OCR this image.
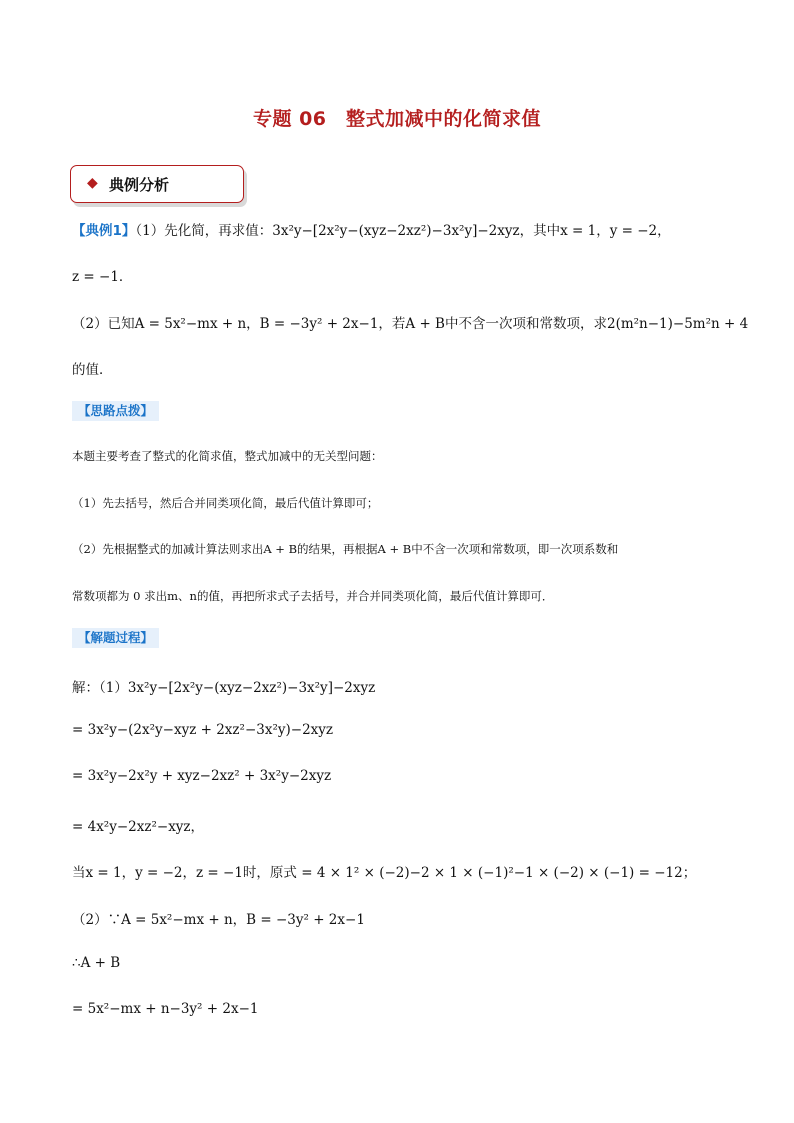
专题 06　整式加减中的化简求值
◆ 典例分析
【典例1】（1）先化简，再求值：3x²y−[2x²y−(xyz−2xz²)−3x²y]−2xyz，其中x = 1，y = −2，
z = −1．
（2）已知A = 5x²−mx + n，B = −3y² + 2x−1，若A + B中不含一次项和常数项，求2(m²n−1)−5m²n + 4
的值．
【思路点拨】
本题主要考查了整式的化简求值，整式加减中的无关型问题：
（1）先去括号，然后合并同类项化简，最后代值计算即可；
（2）先根据整式的加减计算法则求出A + B的结果，再根据A + B中不含一次项和常数项，即一次项系数和
常数项都为 0 求出m、n的值，再把所求式子去括号，并合并同类项化简，最后代值计算即可．
【解题过程】
解：（1）3x²y−[2x²y−(xyz−2xz²)−3x²y]−2xyz
= 3x²y−(2x²y−xyz + 2xz²−3x²y)−2xyz
= 3x²y−2x²y + xyz−2xz² + 3x²y−2xyz
= 4x²y−2xz²−xyz，
当x = 1，y = −2，z = −1时，原式 = 4 × 1² × (−2)−2 × 1 × (−1)²−1 × (−2) × (−1) = −12；
（2）∵A = 5x²−mx + n，B = −3y² + 2x−1
∴A + B
= 5x²−mx + n−3y² + 2x−1
